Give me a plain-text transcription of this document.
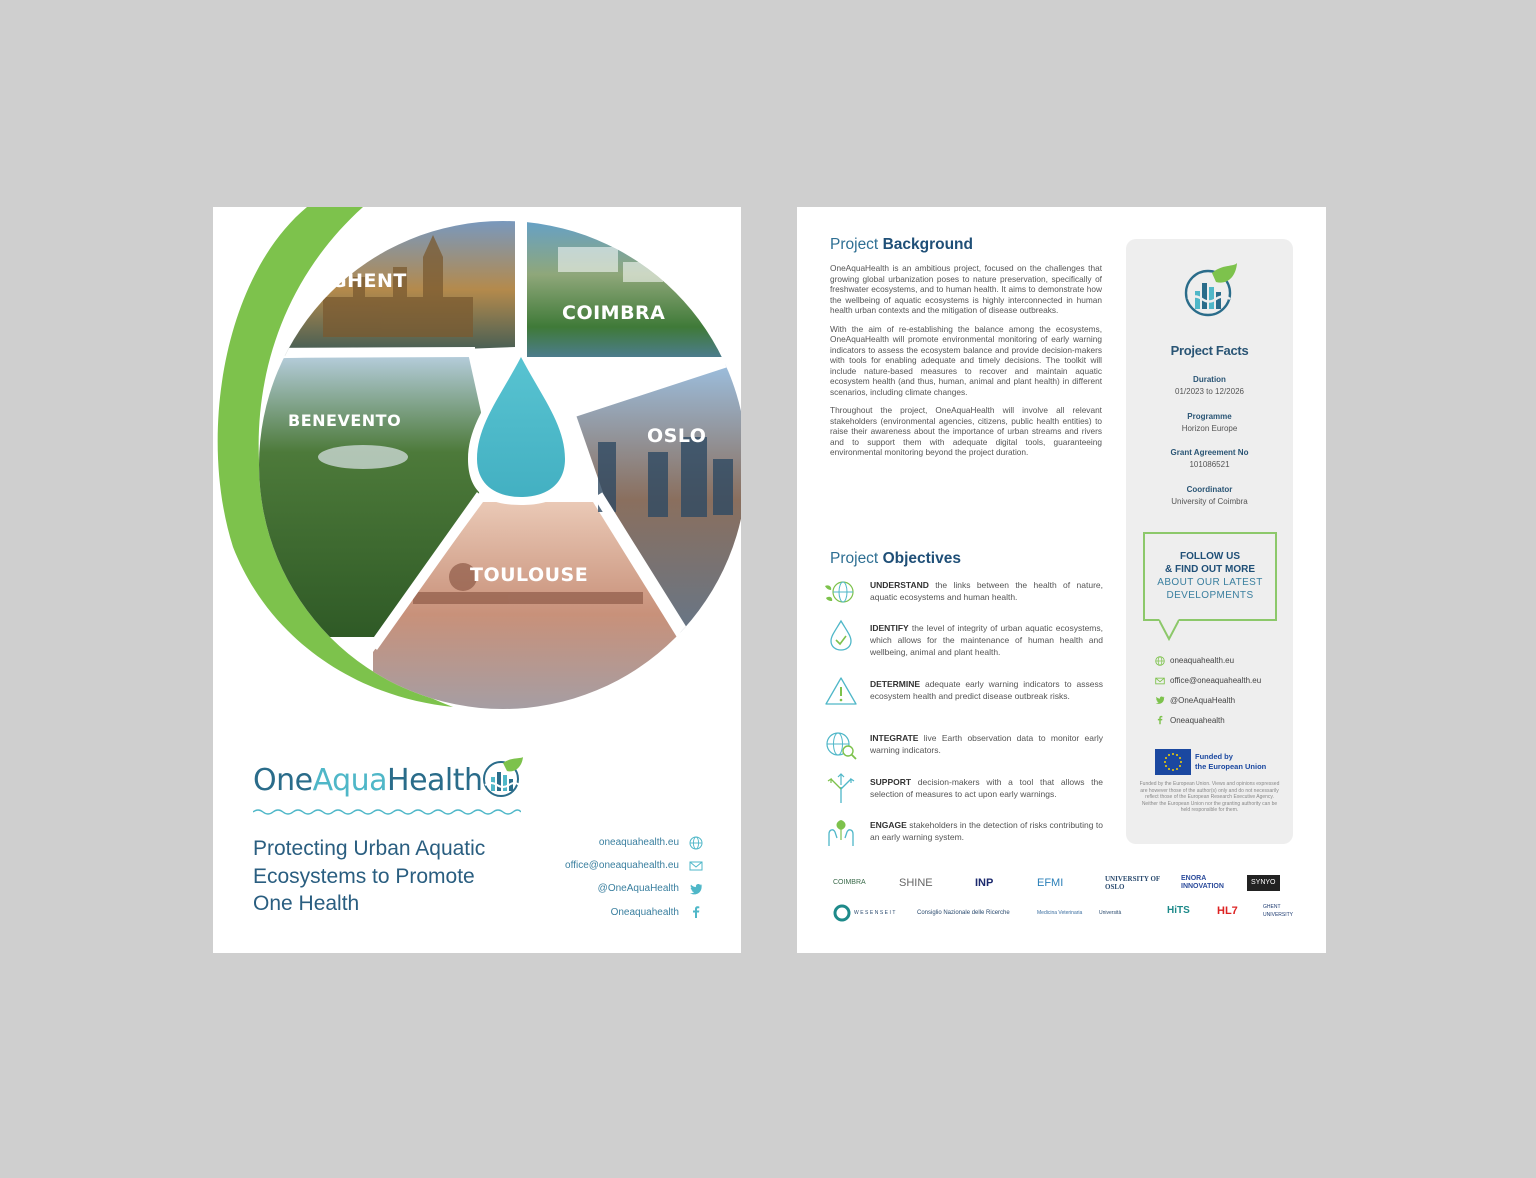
GHENT
COIMBRA
BENEVENTO
OSLO
TOULOUSE
OneAquaHealth
Protecting Urban Aquatic Ecosystems to Promote One Health
oneaquahealth.eu
office@oneaquahealth.eu
@OneAquaHealth
Oneaquahealth
Project Background

OneAquaHealth is an ambitious project, focused on the challenges that growing global urbanization poses to nature preservation, specifically of freshwater ecosystems, and to human health. It aims to demonstrate how the wellbeing of aquatic ecosystems is highly interconnected in human health urban contexts and the mitigation of disease outbreaks.

With the aim of re-establishing the balance among the ecosystems, OneAquaHealth will promote environmental monitoring of early warning indicators to assess the ecosystem balance and provide decision-makers with tools for enabling adequate and timely decisions. The toolkit will include nature-based measures to recover and maintain aquatic ecosystem health (and thus, human, animal and plant health) in different scenarios, including climate changes.

Throughout the project, OneAquaHealth will involve all relevant stakeholders (environmental agencies, citizens, public health entities) to raise their awareness about the importance of urban streams and rivers and to support them with adequate digital tools, guaranteeing environmental monitoring beyond the project duration.

Project Objectives
UNDERSTAND the links between the health of nature, aquatic ecosystems and human health.
IDENTIFY the level of integrity of urban aquatic ecosystems, which allows for the maintenance of human health and wellbeing, animal and plant health.
DETERMINE adequate early warning indicators to assess ecosystem health and predict disease outbreak risks.
INTEGRATE live Earth observation data to monitor early warning indicators.
SUPPORT decision-makers with a tool that allows the selection of measures to act upon early warnings.
ENGAGE stakeholders in the detection of risks contributing to an early warning system.
Project Facts
Duration
01/2023 to 12/2026
Programme
Horizon Europe
Grant Agreement No
101086521
Coordinator
University of Coimbra
FOLLOW US
& FIND OUT MORE
ABOUT OUR LATEST
DEVELOPMENTS
oneaquahealth.eu
office@oneaquahealth.eu
@OneAquaHealth
Oneaquahealth
Funded by
the European Union
Funded by the European Union. Views and opinions expressed are however those of the author(s) only and do not necessarily reflect those of the European Research Executive Agency. Neither the European Union nor the granting authority can be held responsible for them.
COIMBRA	SHINE	INP	EFMI	UNIVERSITY OF OSLO
ENORA INNOVATION
SYNYO
WESENSEIT	Consiglio Nazionale delle Ricerche	Medicina Veterinaria	Università	HiTS HL7	GHENT UNIVERSITY
